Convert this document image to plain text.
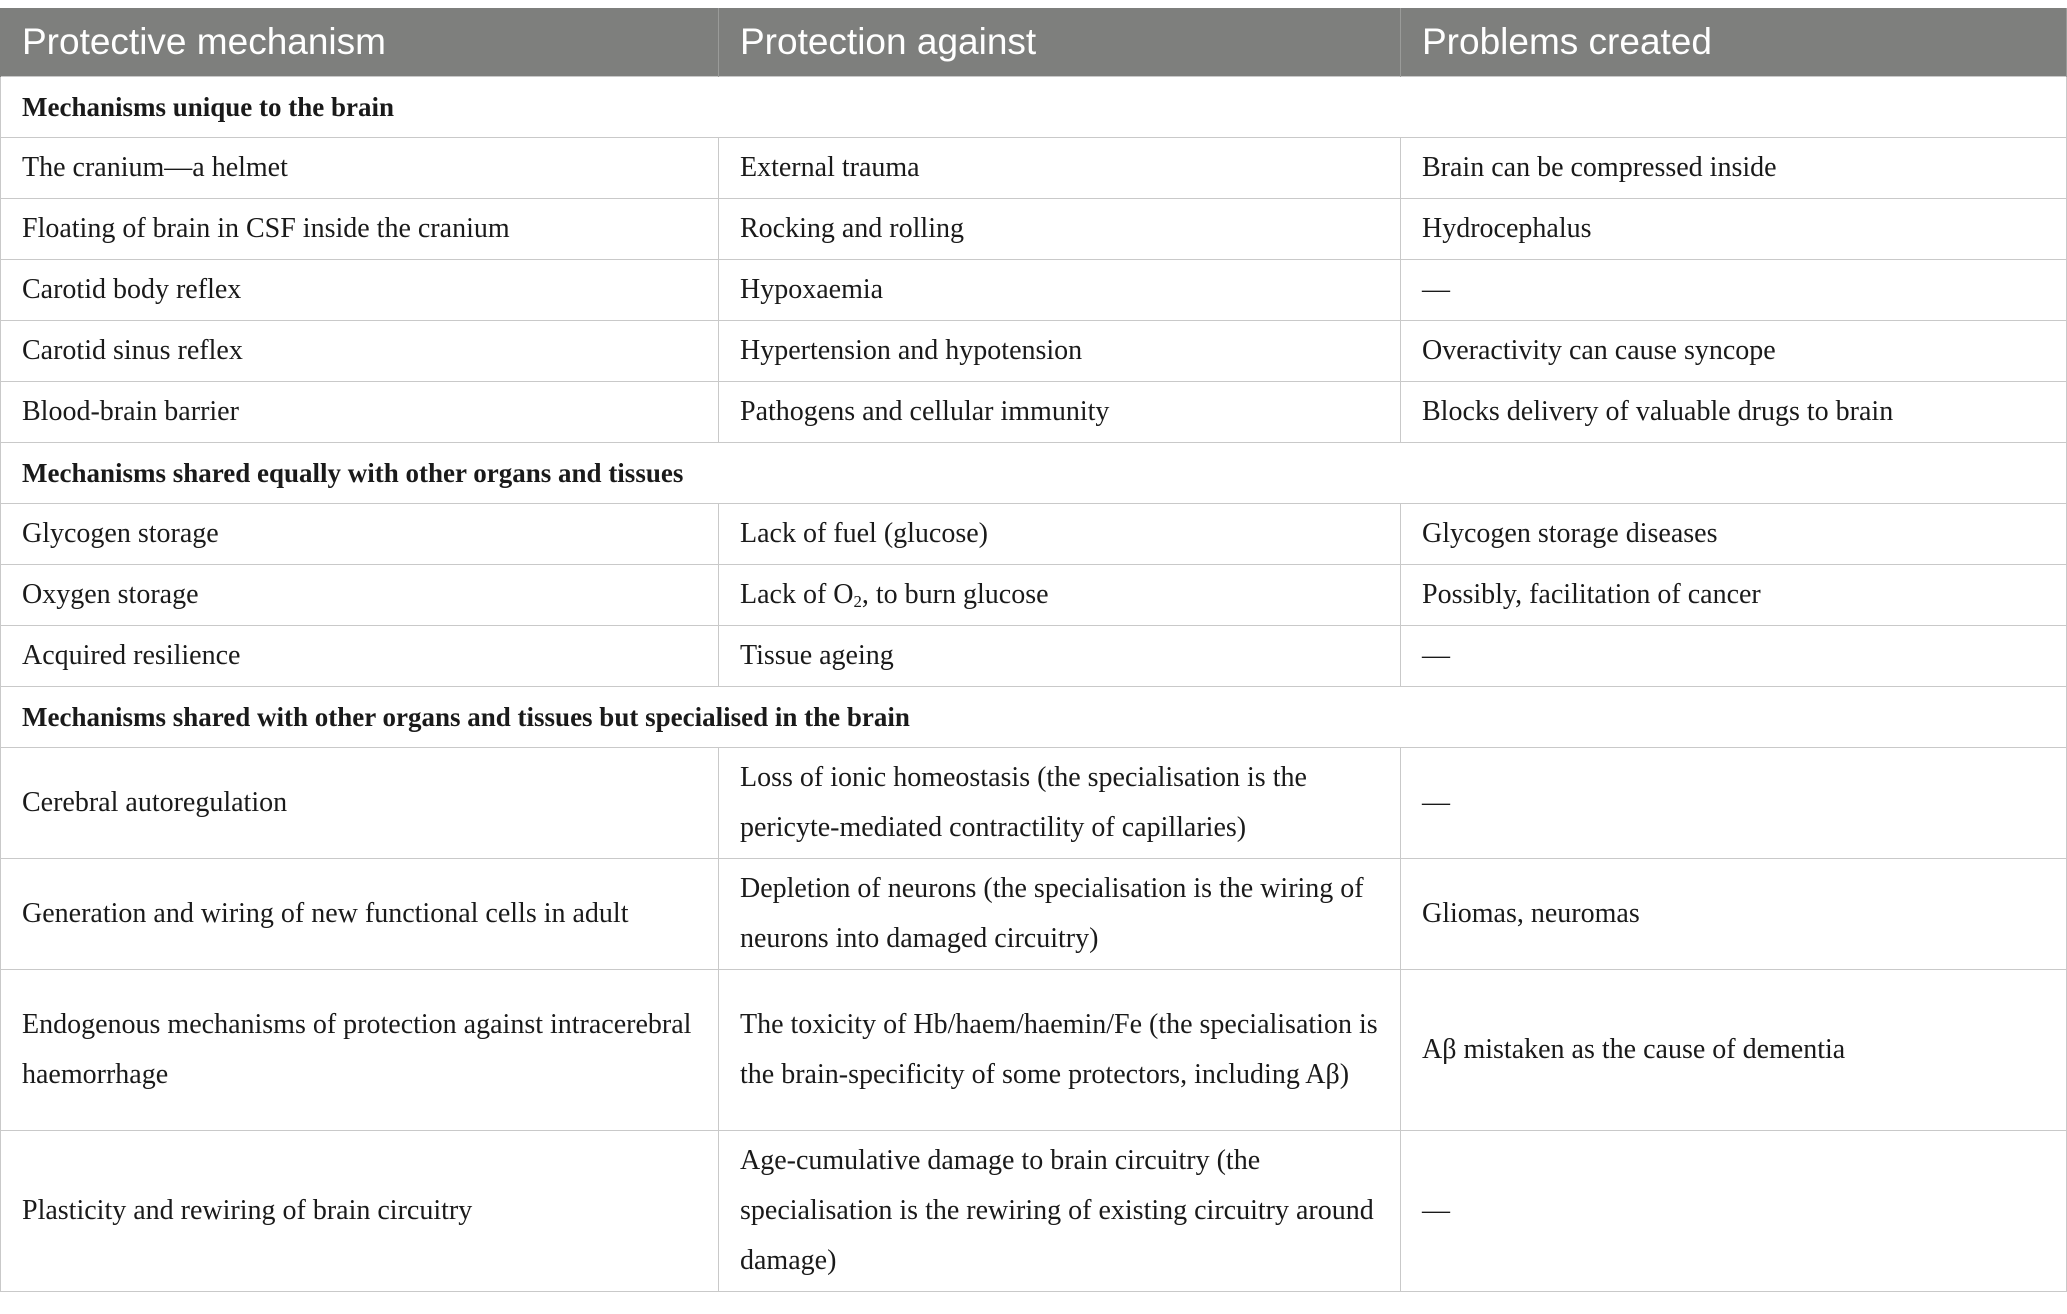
Protective mechanism	Protection against	Problems created
Mechanisms unique to the brain		
The cranium—a helmet	External trauma	Brain can be compressed inside
Floating of brain in CSF inside the cranium	Rocking and rolling	Hydrocephalus
Carotid body reflex	Hypoxaemia	—
Carotid sinus reflex	Hypertension and hypotension	Overactivity can cause syncope
Blood-brain barrier	Pathogens and cellular immunity	Blocks delivery of valuable drugs to brain
Mechanisms shared equally with other organs and tissues		
Glycogen storage	Lack of fuel (glucose)	Glycogen storage diseases
Oxygen storage	Lack of $O_2$, to burn glucose	Possibly, facilitation of cancer
Acquired resilience	Tissue ageing	—
Mechanisms shared with other organs and tissues but specialised in the brain		
Cerebral autoregulation	Loss of ionic homeostasis (the specialisation is the pericyte-mediated contractility of capillaries)	—
Generation and wiring of new functional cells in adult	Depletion of neurons (the specialisation is the wiring of neurons into damaged circuitry)	Gliomas, neuromas
Endogenous mechanisms of protection against intracerebral haemorrhage	The toxicity of Hb/haem/haemin/Fe (the specialisation is the brain-specificity of some protectors, including Aβ)	Aβ mistaken as the cause of dementia
Plasticity and rewiring of brain circuitry	Age-cumulative damage to brain circuitry (the specialisation is the rewiring of existing circuitry around damage)	—
